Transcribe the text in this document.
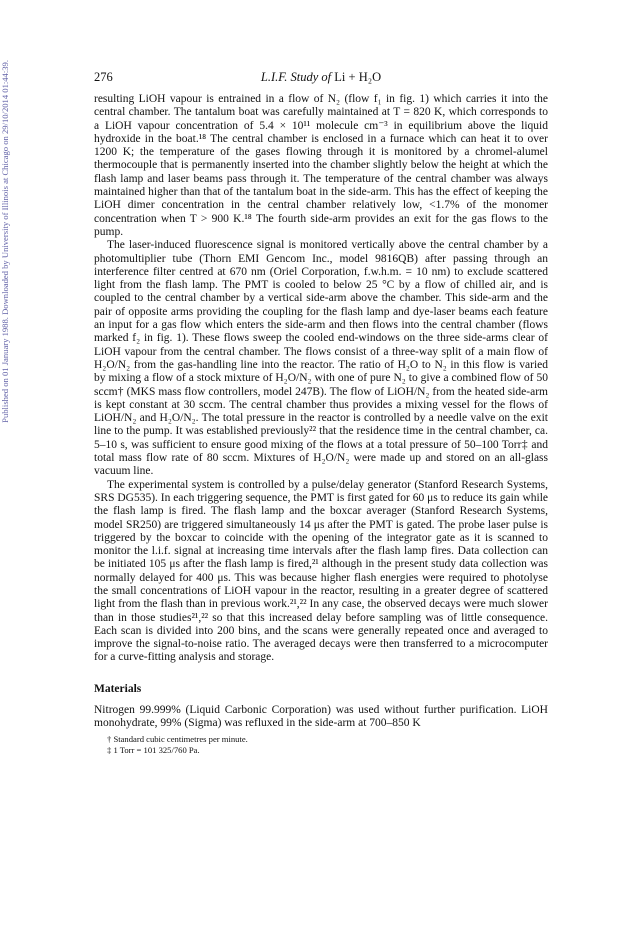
Published on 01 January 1988. Downloaded by University of Illinois at Chicago on 29/10/2014 01:44:39.	276	L.I.F. Study of Li + H₂O

resulting LiOH vapour is entrained in a flow of N₂ (flow f₁ in fig. 1) which carries it into the central chamber. The tantalum boat was carefully maintained at T = 820 K, which corresponds to a LiOH vapour concentration of 5.4 × 10¹¹ molecule cm⁻³ in equilibrium above the liquid hydroxide in the boat.¹⁸ The central chamber is enclosed in a furnace which can heat it to over 1200 K; the temperature of the gases flowing through it is monitored by a chromel-alumel thermocouple that is permanently inserted into the chamber slightly below the height at which the flash lamp and laser beams pass through it. The temperature of the central chamber was always maintained higher than that of the tantalum boat in the side-arm. This has the effect of keeping the LiOH dimer concentration in the central chamber relatively low, <1.7% of the monomer concentration when T > 900 K.¹⁸ The fourth side-arm provides an exit for the gas flows to the pump.

The laser-induced fluorescence signal is monitored vertically above the central chamber by a photomultiplier tube (Thorn EMI Gencom Inc., model 9816QB) after passing through an interference filter centred at 670 nm (Oriel Corporation, f.w.h.m. = 10 nm) to exclude scattered light from the flash lamp. The PMT is cooled to below 25 °C by a flow of chilled air, and is coupled to the central chamber by a vertical side-arm above the chamber. This side-arm and the pair of opposite arms providing the coupling for the flash lamp and dye-laser beams each feature an input for a gas flow which enters the side-arm and then flows into the central chamber (flows marked f₂ in fig. 1). These flows sweep the cooled end-windows on the three side-arms clear of LiOH vapour from the central chamber. The flows consist of a three-way split of a main flow of H₂O/N₂ from the gas-handling line into the reactor. The ratio of H₂O to N₂ in this flow is varied by mixing a flow of a stock mixture of H₂O/N₂ with one of pure N₂ to give a combined flow of 50 sccm† (MKS mass flow controllers, model 247B). The flow of LiOH/N₂ from the heated side-arm is kept constant at 30 sccm. The central chamber thus provides a mixing vessel for the flows of LiOH/N₂ and H₂O/N₂. The total pressure in the reactor is controlled by a needle valve on the exit line to the pump. It was established previously²² that the residence time in the central chamber, ca. 5–10 s, was sufficient to ensure good mixing of the flows at a total pressure of 50–100 Torr‡ and total mass flow rate of 80 sccm. Mixtures of H₂O/N₂ were made up and stored on an all-glass vacuum line.

The experimental system is controlled by a pulse/delay generator (Stanford Research Systems, SRS DG535). In each triggering sequence, the PMT is first gated for 60 μs to reduce its gain while the flash lamp is fired. The flash lamp and the boxcar averager (Stanford Research Systems, model SR250) are triggered simultaneously 14 μs after the PMT is gated. The probe laser pulse is triggered by the boxcar to coincide with the opening of the integrator gate as it is scanned to monitor the l.i.f. signal at increasing time intervals after the flash lamp fires. Data collection can be initiated 105 μs after the flash lamp is fired,²¹ although in the present study data collection was normally delayed for 400 μs. This was because higher flash energies were required to photolyse the small concentrations of LiOH vapour in the reactor, resulting in a greater degree of scattered light from the flash than in previous work.²¹,²² In any case, the observed decays were much slower than in those studies²¹,²² so that this increased delay before sampling was of little consequence. Each scan is divided into 200 bins, and the scans were generally repeated once and averaged to improve the signal-to-noise ratio. The averaged decays were then transferred to a microcomputer for a curve-fitting analysis and storage.

Materials

Nitrogen 99.999% (Liquid Carbonic Corporation) was used without further purification. LiOH monohydrate, 99% (Sigma) was refluxed in the side-arm at 700–850 K

† Standard cubic centimetres per minute.

‡ 1 Torr = 101 325/760 Pa.
